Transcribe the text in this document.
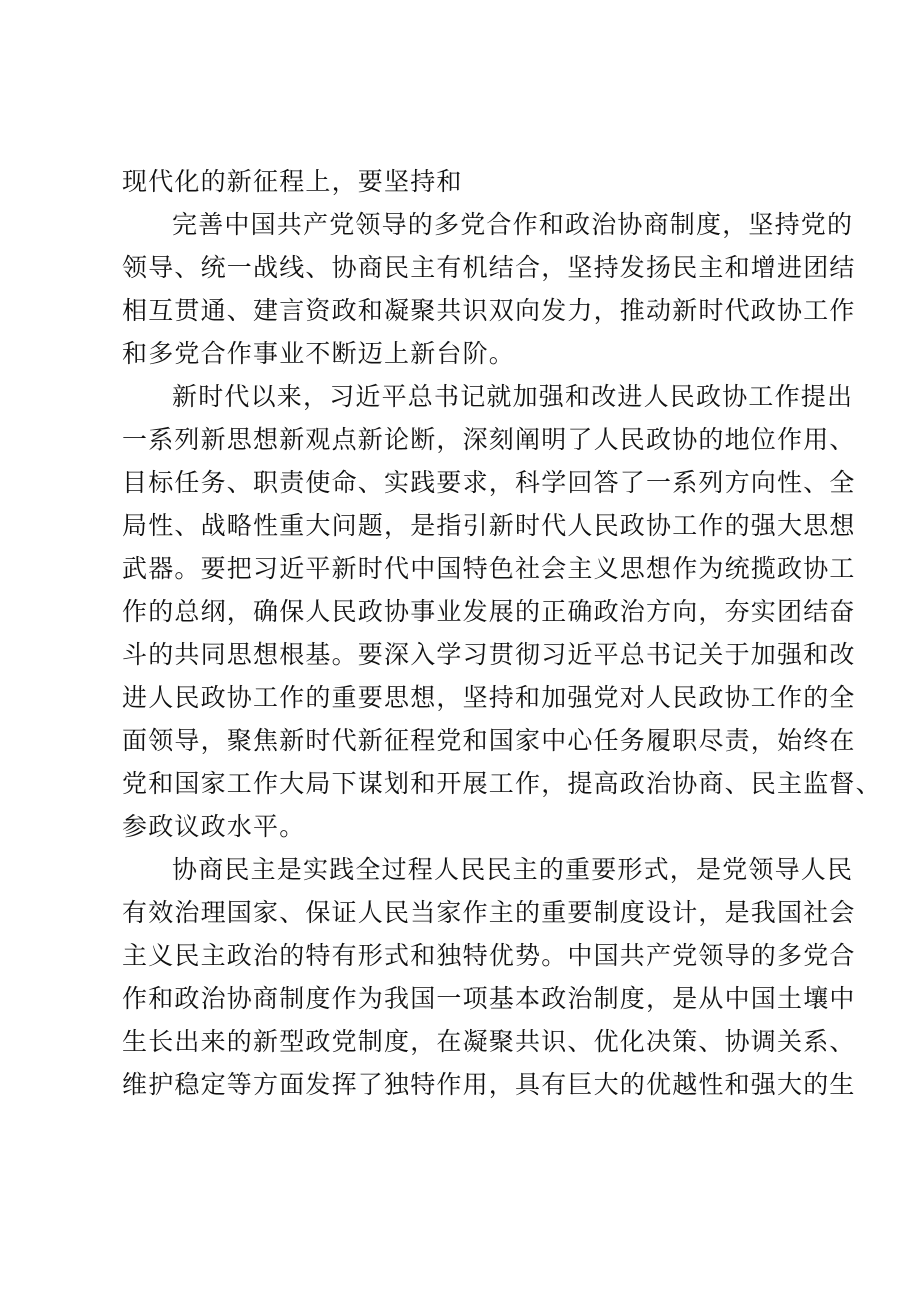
现代化的新征程上，要坚持和
完善中国共产党领导的多党合作和政治协商制度，坚持党的
领导、统一战线、协商民主有机结合，坚持发扬民主和增进团结
相互贯通、建言资政和凝聚共识双向发力，推动新时代政协工作
和多党合作事业不断迈上新台阶。
新时代以来，习近平总书记就加强和改进人民政协工作提出
一系列新思想新观点新论断，深刻阐明了人民政协的地位作用、
目标任务、职责使命、实践要求，科学回答了一系列方向性、全
局性、战略性重大问题，是指引新时代人民政协工作的强大思想
武器。要把习近平新时代中国特色社会主义思想作为统揽政协工
作的总纲，确保人民政协事业发展的正确政治方向，夯实团结奋
斗的共同思想根基。要深入学习贯彻习近平总书记关于加强和改
进人民政协工作的重要思想，坚持和加强党对人民政协工作的全
面领导，聚焦新时代新征程党和国家中心任务履职尽责，始终在
党和国家工作大局下谋划和开展工作，提高政治协商、民主监督、
参政议政水平。
协商民主是实践全过程人民民主的重要形式，是党领导人民
有效治理国家、保证人民当家作主的重要制度设计，是我国社会
主义民主政治的特有形式和独特优势。中国共产党领导的多党合
作和政治协商制度作为我国一项基本政治制度，是从中国土壤中
生长出来的新型政党制度，在凝聚共识、优化决策、协调关系、
维护稳定等方面发挥了独特作用，具有巨大的优越性和强大的生
